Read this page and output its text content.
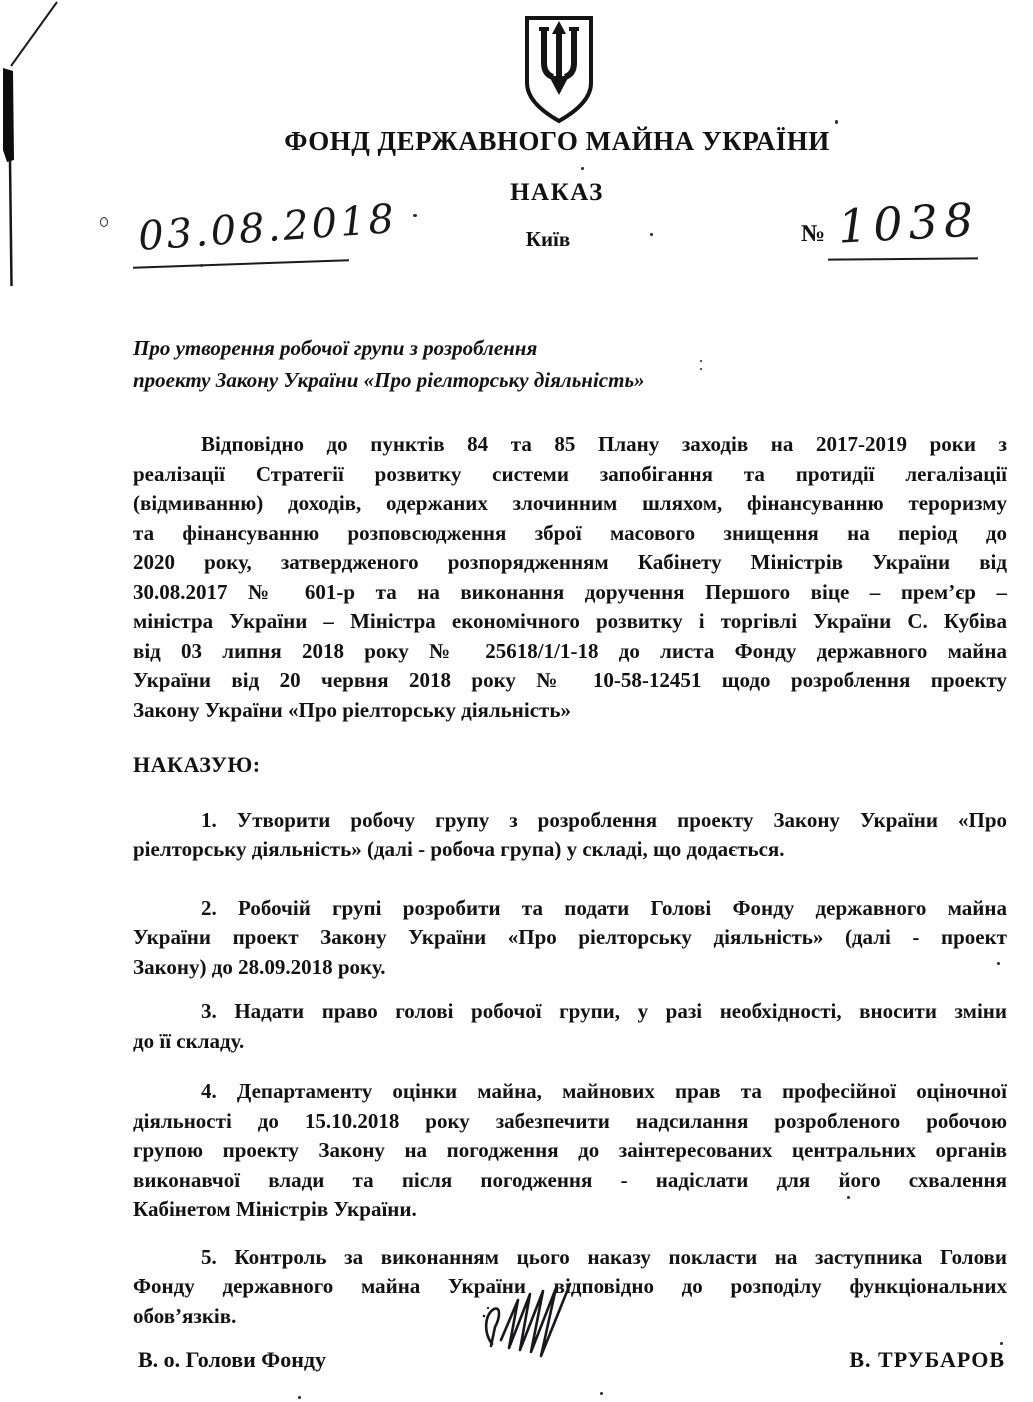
ФОНД ДЕРЖАВНОГО МАЙНА УКРАЇНИ
НАКАЗ
03.08.2018	Київ	№ 1038
Про утворення робочої групи з розроблення
проекту Закону України «Про ріелторську діяльність»
Відповідно до пунктів 84 та 85 Плану заходів на 2017-2019 роки з
реалізації Стратегії розвитку системи запобігання та протидії легалізації
(відмиванню) доходів, одержаних злочинним шляхом, фінансуванню тероризму
та фінансуванню розповсюдження зброї масового знищення на період до
2020 року, затвердженого розпорядженням Кабінету Міністрів України від
30.08.2017 № 601-р та на виконання доручення Першого віце – прем’єр –
міністра України – Міністра економічного розвитку і торгівлі України С. Кубіва
від 03 липня 2018 року № 25618/1/1-18 до листа Фонду державного майна
України від 20 червня 2018 року № 10-58-12451 щодо розроблення проекту
Закону України «Про ріелторську діяльність»
НАКАЗУЮ:
1. Утворити робочу групу з розроблення проекту Закону України «Про
ріелторську діяльність» (далі - робоча група) у складі, що додається.
2. Робочій групі розробити та подати Голові Фонду державного майна
України проект Закону України «Про ріелторську діяльність» (далі - проект
Закону) до 28.09.2018 року.
3. Надати право голові робочої групи, у разі необхідності, вносити зміни
до її складу.
4. Департаменту оцінки майна, майнових прав та професійної оціночної
діяльності до 15.10.2018 року забезпечити надсилання розробленого робочою
групою проекту Закону на погодження до заінтересованих центральних органів
виконавчої влади та після погодження - надіслати для його схвалення
Кабінетом Міністрів України.
5. Контроль за виконанням цього наказу покласти на заступника Голови
Фонду державного майна України відповідно до розподілу функціональних
обов’язків.
В. о. Голови Фонду	В. ТРУБАРОВ
